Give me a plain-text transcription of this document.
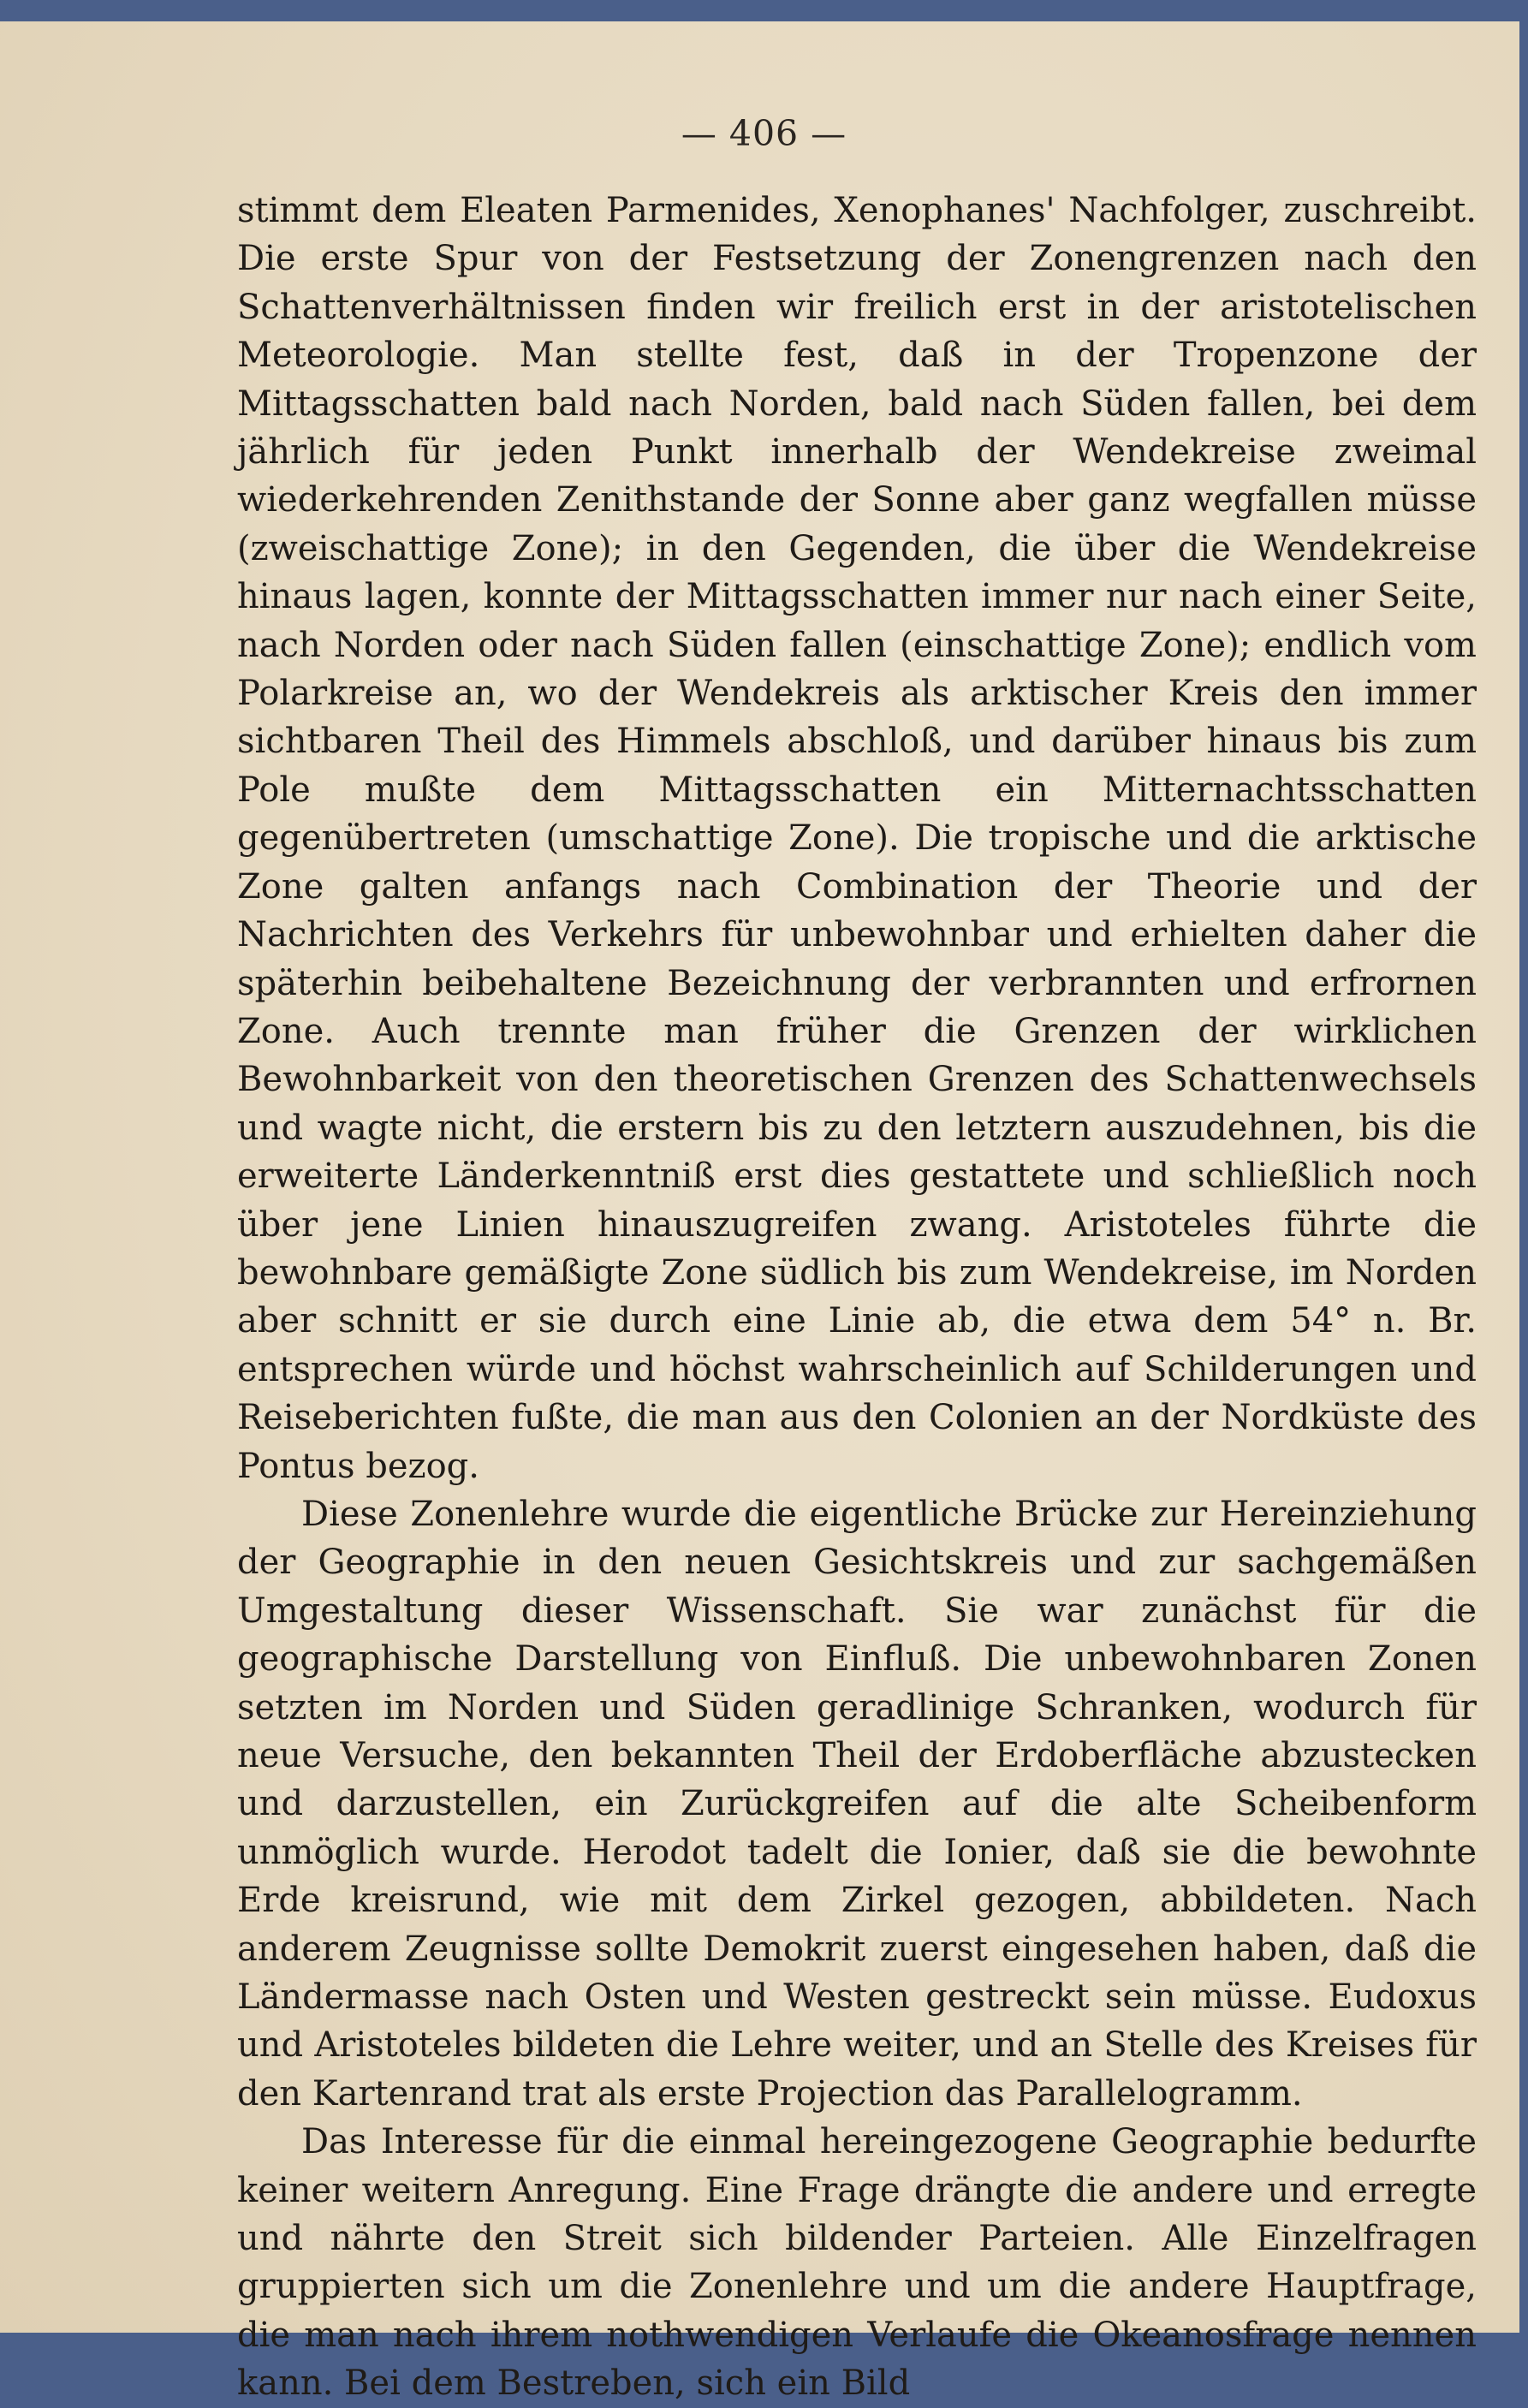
— 406 —

stimmt dem Eleaten Parmenides, Xenophanes' Nachfolger, zuschreibt. Die erste Spur von der Festsetzung der Zonengrenzen nach den Schattenverhältnissen finden wir freilich erst in der aristotelischen Meteorologie. Man stellte fest, daß in der Tropenzone der Mittagsschatten bald nach Norden, bald nach Süden fallen, bei dem jährlich für jeden Punkt innerhalb der Wendekreise zweimal wiederkehrenden Zenithstande der Sonne aber ganz wegfallen müsse (zweischattige Zone); in den Gegenden, die über die Wendekreise hinaus lagen, konnte der Mittagsschatten immer nur nach einer Seite, nach Norden oder nach Süden fallen (einschattige Zone); endlich vom Polarkreise an, wo der Wendekreis als arktischer Kreis den immer sichtbaren Theil des Himmels abschloß, und darüber hinaus bis zum Pole mußte dem Mittagsschatten ein Mitternachtsschatten gegenübertreten (umschattige Zone). Die tropische und die arktische Zone galten anfangs nach Combination der Theorie und der Nachrichten des Verkehrs für unbewohnbar und erhielten daher die späterhin beibehaltene Bezeichnung der verbrannten und erfrornen Zone. Auch trennte man früher die Grenzen der wirklichen Bewohnbarkeit von den theoretischen Grenzen des Schattenwechsels und wagte nicht, die erstern bis zu den letztern auszudehnen, bis die erweiterte Länderkenntniß erst dies gestattete und schließlich noch über jene Linien hinauszugreifen zwang. Aristoteles führte die bewohnbare gemäßigte Zone südlich bis zum Wendekreise, im Norden aber schnitt er sie durch eine Linie ab, die etwa dem 54° n. Br. entsprechen würde und höchst wahrscheinlich auf Schilderungen und Reiseberichten fußte, die man aus den Colonien an der Nordküste des Pontus bezog.

Diese Zonenlehre wurde die eigentliche Brücke zur Hereinziehung der Geographie in den neuen Gesichtskreis und zur sachgemäßen Umgestaltung dieser Wissenschaft. Sie war zunächst für die geographische Darstellung von Einfluß. Die unbewohnbaren Zonen setzten im Norden und Süden geradlinige Schranken, wodurch für neue Versuche, den bekannten Theil der Erdoberfläche abzustecken und darzustellen, ein Zurückgreifen auf die alte Scheibenform unmöglich wurde. Herodot tadelt die Ionier, daß sie die bewohnte Erde kreisrund, wie mit dem Zirkel gezogen, abbildeten. Nach anderem Zeugnisse sollte Demokrit zuerst eingesehen haben, daß die Ländermasse nach Osten und Westen gestreckt sein müsse. Eudoxus und Aristoteles bildeten die Lehre weiter, und an Stelle des Kreises für den Kartenrand trat als erste Projection das Parallelogramm.

Das Interesse für die einmal hereingezogene Geographie bedurfte keiner weitern Anregung. Eine Frage drängte die andere und erregte und nährte den Streit sich bildender Parteien. Alle Einzelfragen gruppierten sich um die Zonenlehre und um die andere Hauptfrage, die man nach ihrem nothwendigen Verlaufe die Okeanosfrage nennen kann. Bei dem Bestreben, sich ein Bild
